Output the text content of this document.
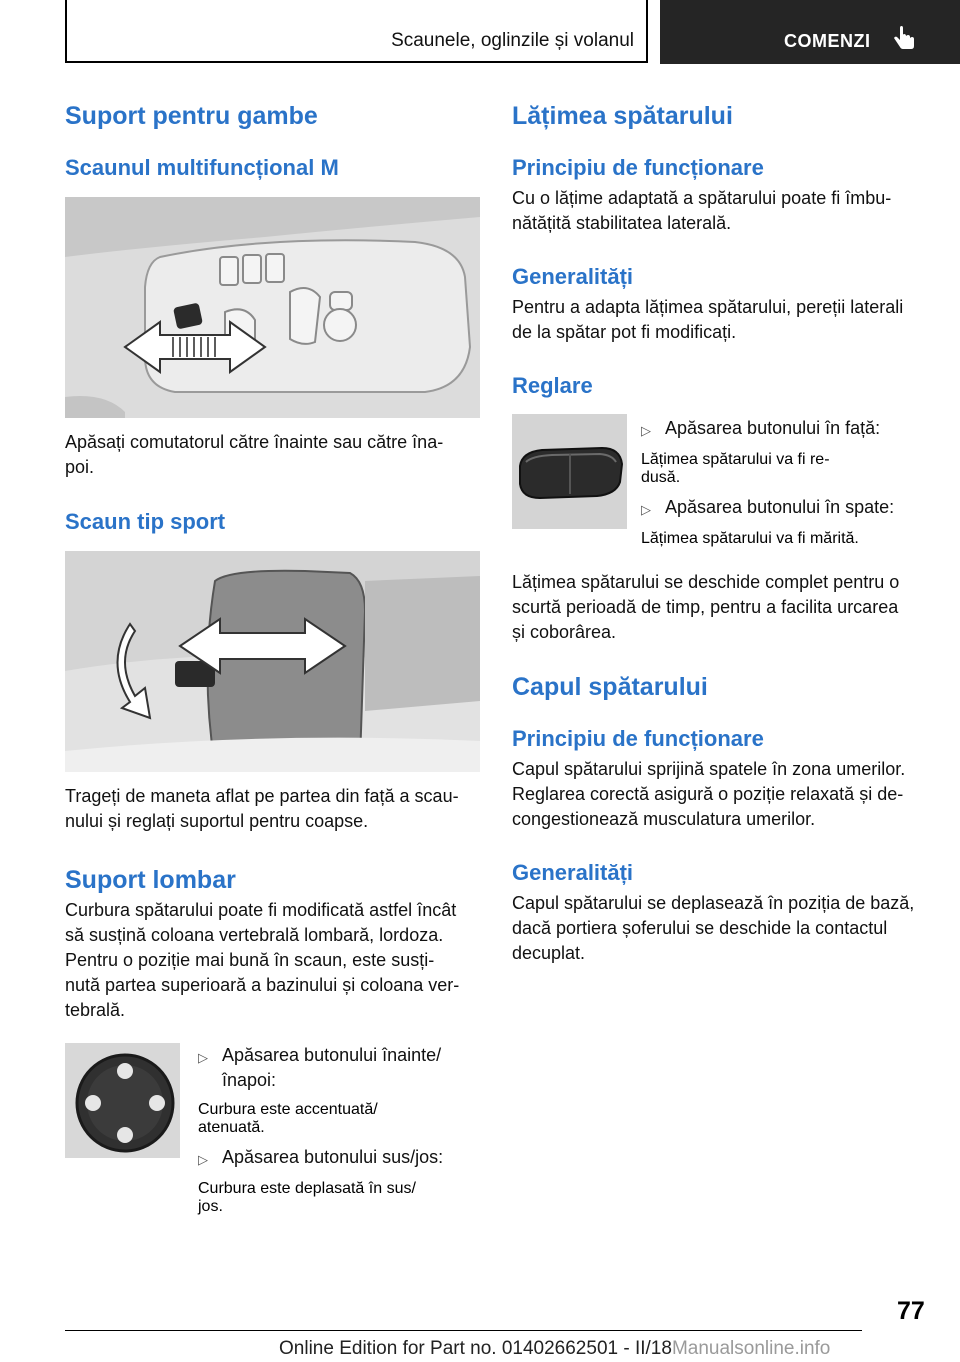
Scaunele, oglinzile și volanul	COMENZI
Suport pentru gambe
Scaunul multifuncțional M

Apăsați comutatorul către înainte sau către îna-
poi.

Scaun tip sport

Trageți de maneta aflat pe partea din față a scau-
nului și reglați suportul pentru coapse.

Suport lombar

Curbura spătarului poate fi modificată astfel încât
să susțină coloana vertebrală lombară, lordoza.
Pentru o poziție mai bună în scaun, este susți-
nută partea superioară a bazinului și coloana ver-
tebrală.

▷ Apăsarea butonului înainte/
înapoi:
Curbura este accentuată/
atenuată.
▷ Apăsarea butonului sus/jos:
Curbura este deplasată în sus/
jos.
Lățimea spătarului
Principiu de funcționare

Cu o lățime adaptată a spătarului poate fi îmbu-
nătățită stabilitatea laterală.

Generalități

Pentru a adapta lățimea spătarului, pereții laterali
de la spătar pot fi modificați.

Reglare
▷ Apăsarea butonului în față:
Lățimea spătarului va fi re-
dusă.
▷ Apăsarea butonului în spate:
Lățimea spătarului va fi mărită.

Lățimea spătarului se deschide complet pentru o
scurtă perioadă de timp, pentru a facilita urcarea
și coborârea.

Capul spătarului
Principiu de funcționare

Capul spătarului sprijină spatele în zona umerilor.
Reglarea corectă asigură o poziție relaxată și de-
congestionează musculatura umerilor.

Generalități

Capul spătarului se deplasează în poziția de bază,
dacă portiera șoferului se deschide la contactul
decuplat.

77
Online Edition for Part no. 01402662501 - II/18Manualsonline.info
